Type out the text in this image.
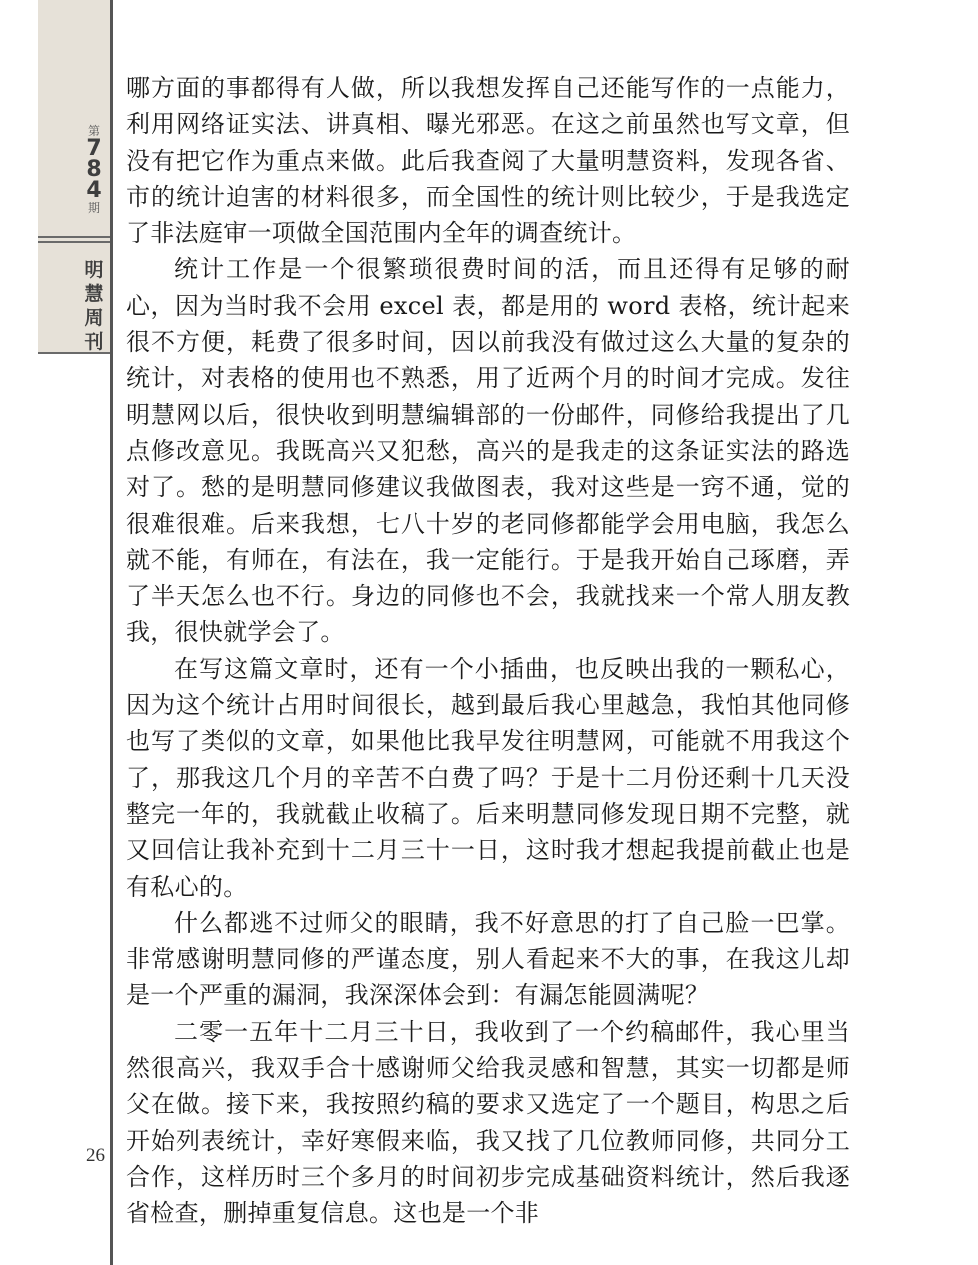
第
7
8
4
期
明
慧
周
刊
26

哪方面的事都得有人做，所以我想发挥自己还能写作的一点能力，利用网络证实法、讲真相、曝光邪恶。在这之前虽然也写文章，但没有把它作为重点来做。此后我查阅了大量明慧资料，发现各省、市的统计迫害的材料很多，而全国性的统计则比较少，于是我选定了非法庭审一项做全国范围内全年的调查统计。

统计工作是一个很繁琐很费时间的活，而且还得有足够的耐心，因为当时我不会用 excel 表，都是用的 word 表格，统计起来很不方便，耗费了很多时间，因以前我没有做过这么大量的复杂的统计，对表格的使用也不熟悉，用了近两个月的时间才完成。发往明慧网以后，很快收到明慧编辑部的一份邮件，同修给我提出了几点修改意见。我既高兴又犯愁，高兴的是我走的这条证实法的路选对了。愁的是明慧同修建议我做图表，我对这些是一窍不通，觉的很难很难。后来我想，七八十岁的老同修都能学会用电脑，我怎么就不能，有师在，有法在，我一定能行。于是我开始自己琢磨，弄了半天怎么也不行。身边的同修也不会，我就找来一个常人朋友教我，很快就学会了。

在写这篇文章时，还有一个小插曲，也反映出我的一颗私心，因为这个统计占用时间很长，越到最后我心里越急，我怕其他同修也写了类似的文章，如果他比我早发往明慧网，可能就不用我这个了，那我这几个月的辛苦不白费了吗？于是十二月份还剩十几天没整完一年的，我就截止收稿了。后来明慧同修发现日期不完整，就又回信让我补充到十二月三十一日，这时我才想起我提前截止也是有私心的。

什么都逃不过师父的眼睛，我不好意思的打了自己脸一巴掌。非常感谢明慧同修的严谨态度，别人看起来不大的事，在我这儿却是一个严重的漏洞，我深深体会到：有漏怎能圆满呢？

二零一五年十二月三十日，我收到了一个约稿邮件，我心里当然很高兴，我双手合十感谢师父给我灵感和智慧，其实一切都是师父在做。接下来，我按照约稿的要求又选定了一个题目，构思之后开始列表统计，幸好寒假来临，我又找了几位教师同修，共同分工合作，这样历时三个多月的时间初步完成基础资料统计，然后我逐省检查，删掉重复信息。这也是一个非
